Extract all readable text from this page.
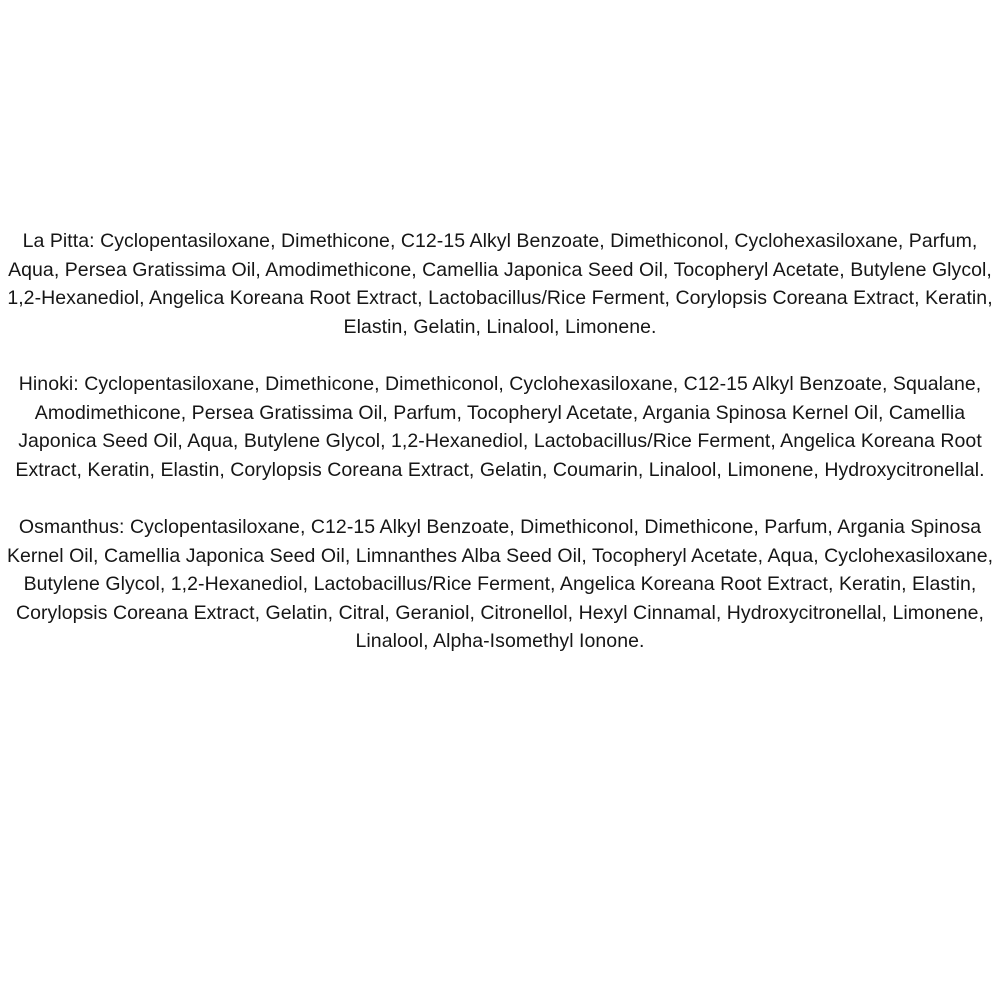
La Pitta: Cyclopentasiloxane, Dimethicone, C12-15 Alkyl Benzoate, Dimethiconol, Cyclohexasiloxane, Parfum, Aqua, Persea Gratissima Oil, Amodimethicone, Camellia Japonica Seed Oil, Tocopheryl Acetate, Butylene Glycol, 1,2-Hexanediol, Angelica Koreana Root Extract, Lactobacillus/Rice Ferment, Corylopsis Coreana Extract, Keratin, Elastin, Gelatin, Linalool, Limonene.

Hinoki: Cyclopentasiloxane, Dimethicone, Dimethiconol, Cyclohexasiloxane, C12-15 Alkyl Benzoate, Squalane, Amodimethicone, Persea Gratissima Oil, Parfum, Tocopheryl Acetate, Argania Spinosa Kernel Oil, Camellia Japonica Seed Oil, Aqua, Butylene Glycol, 1,2-Hexanediol, Lactobacillus/Rice Ferment, Angelica Koreana Root Extract, Keratin, Elastin, Corylopsis Coreana Extract, Gelatin, Coumarin, Linalool, Limonene, Hydroxycitronellal.

Osmanthus: Cyclopentasiloxane, C12-15 Alkyl Benzoate, Dimethiconol, Dimethicone, Parfum, Argania Spinosa Kernel Oil, Camellia Japonica Seed Oil, Limnanthes Alba Seed Oil, Tocopheryl Acetate, Aqua, Cyclohexasiloxane, Butylene Glycol, 1,2-Hexanediol, Lactobacillus/Rice Ferment, Angelica Koreana Root Extract, Keratin, Elastin, Corylopsis Coreana Extract, Gelatin, Citral, Geraniol, Citronellol, Hexyl Cinnamal, Hydroxycitronellal, Limonene, Linalool, Alpha-Isomethyl Ionone.
